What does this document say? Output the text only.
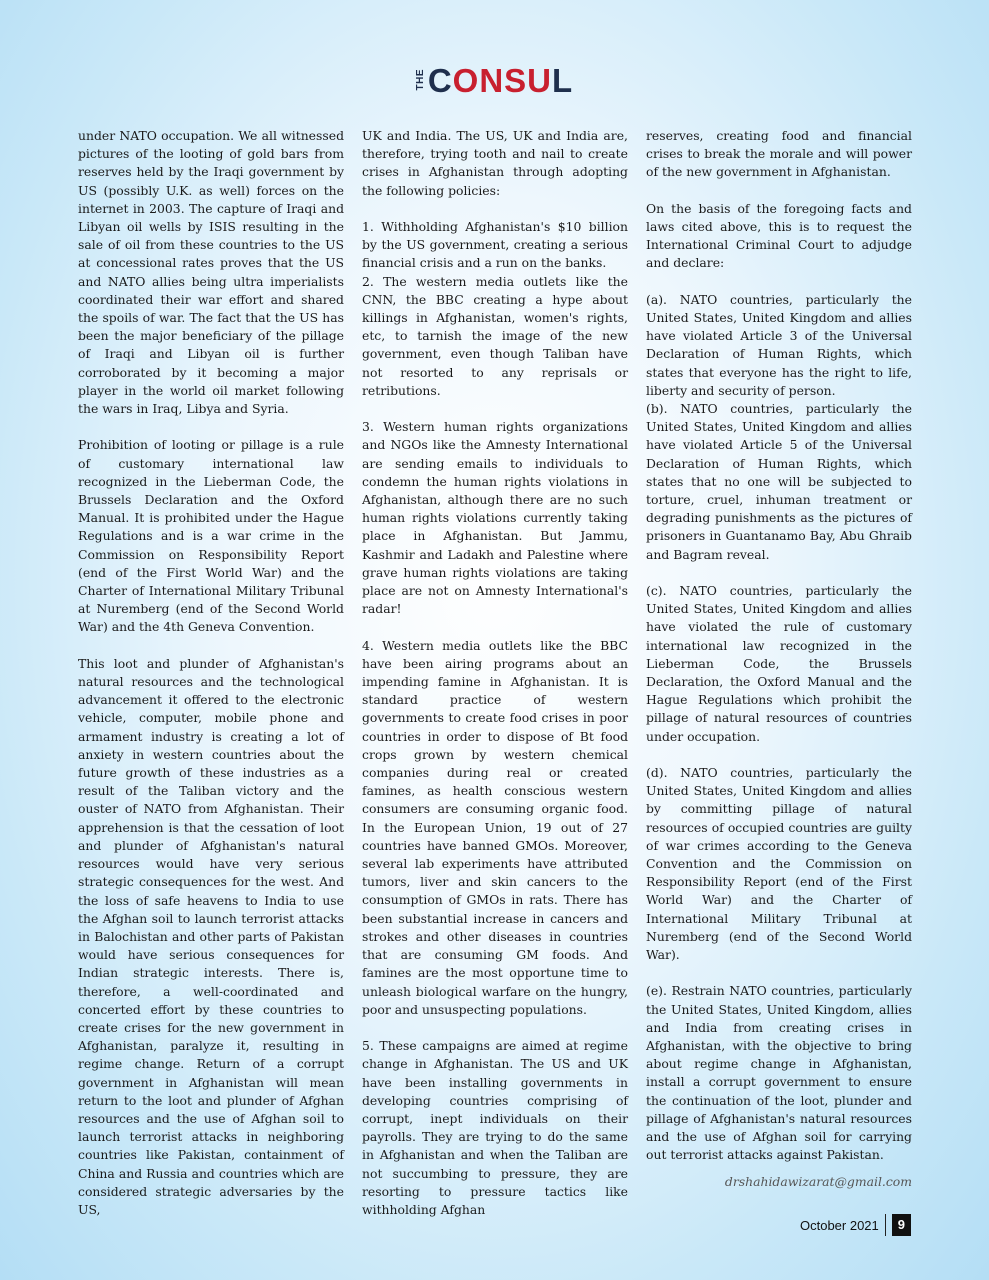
THE CONSUL

under NATO occupation. We all witnessed pictures of the looting of gold bars from reserves held by the Iraqi government by US (possibly U.K. as well) forces on the internet in 2003. The capture of Iraqi and Libyan oil wells by ISIS resulting in the sale of oil from these countries to the US at concessional rates proves that the US and NATO allies being ultra imperialists coordinated their war effort and shared the spoils of war. The fact that the US has been the major beneficiary of the pillage of Iraqi and Libyan oil is further corroborated by it becoming a major player in the world oil market following the wars in Iraq, Libya and Syria.

Prohibition of looting or pillage is a rule of customary international law recognized in the Lieberman Code, the Brussels Declaration and the Oxford Manual. It is prohibited under the Hague Regulations and is a war crime in the Commission on Responsibility Report (end of the First World War) and the Charter of International Military Tribunal at Nuremberg (end of the Second World War) and the 4th Geneva Convention.

This loot and plunder of Afghanistan's natural resources and the technological advancement it offered to the electronic vehicle, computer, mobile phone and armament industry is creating a lot of anxiety in western countries about the future growth of these industries as a result of the Taliban victory and the ouster of NATO from Afghanistan. Their apprehension is that the cessation of loot and plunder of Afghanistan's natural resources would have very serious strategic consequences for the west. And the loss of safe heavens to India to use the Afghan soil to launch terrorist attacks in Balochistan and other parts of Pakistan would have serious consequences for Indian strategic interests. There is, therefore, a well-coordinated and concerted effort by these countries to create crises for the new government in Afghanistan, paralyze it, resulting in regime change. Return of a corrupt government in Afghanistan will mean return to the loot and plunder of Afghan resources and the use of Afghan soil to launch terrorist attacks in neighboring countries like Pakistan, containment of China and Russia and countries which are considered strategic adversaries by the US,

UK and India. The US, UK and India are, therefore, trying tooth and nail to create crises in Afghanistan through adopting the following policies:

1. Withholding Afghanistan's $10 billion by the US government, creating a serious financial crisis and a run on the banks.

2. The western media outlets like the CNN, the BBC creating a hype about killings in Afghanistan, women's rights, etc, to tarnish the image of the new government, even though Taliban have not resorted to any reprisals or retributions.

3. Western human rights organizations and NGOs like the Amnesty International are sending emails to individuals to condemn the human rights violations in Afghanistan, although there are no such human rights violations currently taking place in Afghanistan. But Jammu, Kashmir and Ladakh and Palestine where grave human rights violations are taking place are not on Amnesty International's radar!

4. Western media outlets like the BBC have been airing programs about an impending famine in Afghanistan. It is standard practice of western governments to create food crises in poor countries in order to dispose of Bt food crops grown by western chemical companies during real or created famines, as health conscious western consumers are consuming organic food. In the European Union, 19 out of 27 countries have banned GMOs. Moreover, several lab experiments have attributed tumors, liver and skin cancers to the consumption of GMOs in rats. There has been substantial increase in cancers and strokes and other diseases in countries that are consuming GM foods. And famines are the most opportune time to unleash biological warfare on the hungry, poor and unsuspecting populations.

5. These campaigns are aimed at regime change in Afghanistan. The US and UK have been installing governments in developing countries comprising of corrupt, inept individuals on their payrolls. They are trying to do the same in Afghanistan and when the Taliban are not succumbing to pressure, they are resorting to pressure tactics like withholding Afghan

reserves, creating food and financial crises to break the morale and will power of the new government in Afghanistan.

On the basis of the foregoing facts and laws cited above, this is to request the International Criminal Court to adjudge and declare:

(a). NATO countries, particularly the United States, United Kingdom and allies have violated Article 3 of the Universal Declaration of Human Rights, which states that everyone has the right to life, liberty and security of person.

(b). NATO countries, particularly the United States, United Kingdom and allies have violated Article 5 of the Universal Declaration of Human Rights, which states that no one will be subjected to torture, cruel, inhuman treatment or degrading punishments as the pictures of prisoners in Guantanamo Bay, Abu Ghraib and Bagram reveal.

(c). NATO countries, particularly the United States, United Kingdom and allies have violated the rule of customary international law recognized in the Lieberman Code, the Brussels Declaration, the Oxford Manual and the Hague Regulations which prohibit the pillage of natural resources of countries under occupation.

(d). NATO countries, particularly the United States, United Kingdom and allies by committing pillage of natural resources of occupied countries are guilty of war crimes according to the Geneva Convention and the Commission on Responsibility Report (end of the First World War) and the Charter of International Military Tribunal at Nuremberg (end of the Second World War).

(e). Restrain NATO countries, particularly the United States, United Kingdom, allies and India from creating crises in Afghanistan, with the objective to bring about regime change in Afghanistan, install a corrupt government to ensure the continuation of the loot, plunder and pillage of Afghanistan's natural resources and the use of Afghan soil for carrying out terrorist attacks against Pakistan.

drshahidawizarat@gmail.com

October 2021	9
